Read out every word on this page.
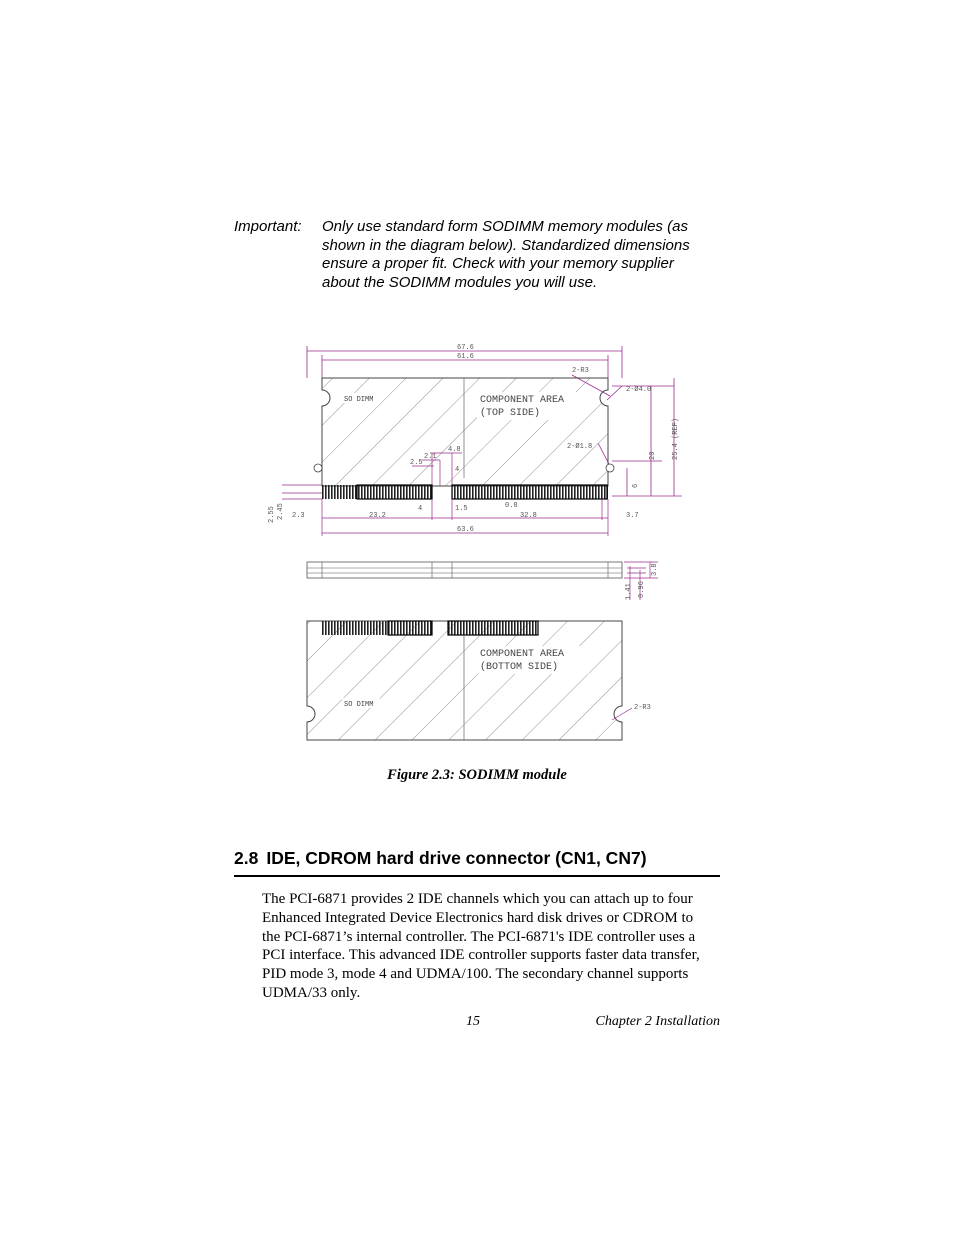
Important: Only use standard form SODIMM memory modules (as
shown in the diagram below). Standardized dimensions
ensure a proper fit. Check with your memory supplier
about the SODIMM modules you will use.
67.6
61.6
2-R3
2-Ø4.0
20 25.4 (REF)
6
SO DIMM	COMPONENT AREA
(TOP SIDE)
4.8
2.1
2.5
4
2.55 2.45 2.3	23.2
4	1.5	0.8
32.8	3.7
63.6
3.8
1.41 0.96
COMPONENT AREA
(BOTTOM SIDE)
SO DIMM	2-R3
Figure 2.3: SODIMM module
2.8 IDE, CDROM hard drive connector (CN1, CN7)
The PCI-6871 provides 2 IDE channels which you can attach up to four
Enhanced Integrated Device Electronics hard disk drives or CDROM to
the PCI-6871’s internal controller. The PCI-6871's IDE controller uses a
PCI interface. This advanced IDE controller supports faster data transfer,
PID mode 3, mode 4 and UDMA/100. The secondary channel supports
UDMA/33 only.
15	Chapter 2 Installation
